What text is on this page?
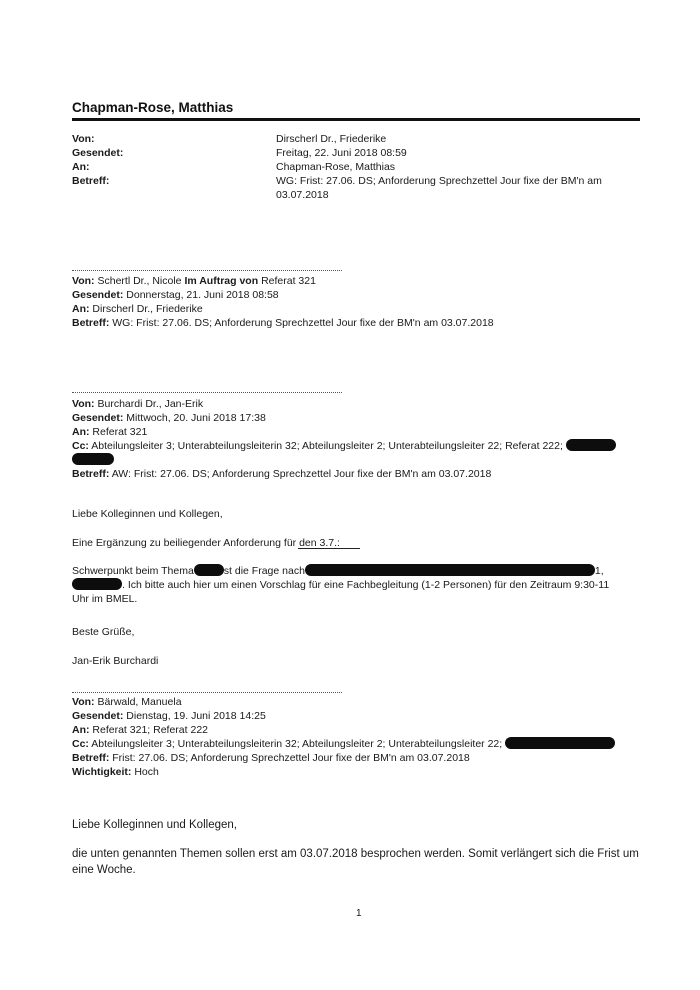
Chapman-Rose, Matthias
Von:	Dirscherl Dr., Friederike
Gesendet:	Freitag, 22. Juni 2018 08:59
An:	Chapman-Rose, Matthias
Betreff:	WG: Frist: 27.06. DS; Anforderung Sprechzettel Jour fixe der BM'n am 03.07.2018
Von: Schertl Dr., Nicole Im Auftrag von Referat 321
Gesendet: Donnerstag, 21. Juni 2018 08:58
An: Dirscherl Dr., Friederike
Betreff: WG: Frist: 27.06. DS; Anforderung Sprechzettel Jour fixe der BM'n am 03.07.2018
Von: Burchardi Dr., Jan-Erik
Gesendet: Mittwoch, 20. Juni 2018 17:38
An: Referat 321
Cc: Abteilungsleiter 3; Unterabteilungsleiterin 32; Abteilungsleiter 2; Unterabteilungsleiter 22; Referat 222;
Betreff: AW: Frist: 27.06. DS; Anforderung Sprechzettel Jour fixe der BM'n am 03.07.2018
Liebe Kolleginnen und Kollegen,
Eine Ergänzung zu beiliegender Anforderung für den 3.7.:
Schwerpunkt beim Thema	st die Frage nach	1,
. Ich bitte auch hier um einen Vorschlag für eine Fachbegleitung (1-2 Personen) für den Zeitraum 9:30-11
Uhr im BMEL.
Beste Grüße,
Jan-Erik Burchardi
Von: Bärwald, Manuela
Gesendet: Dienstag, 19. Juni 2018 14:25
An: Referat 321; Referat 222
Cc: Abteilungsleiter 3; Unterabteilungsleiterin 32; Abteilungsleiter 2; Unterabteilungsleiter 22;
Betreff: Frist: 27.06. DS; Anforderung Sprechzettel Jour fixe der BM'n am 03.07.2018
Wichtigkeit: Hoch
Liebe Kolleginnen und Kollegen,
die unten genannten Themen sollen erst am 03.07.2018 besprochen werden. Somit verlängert sich die Frist um eine Woche.
1
